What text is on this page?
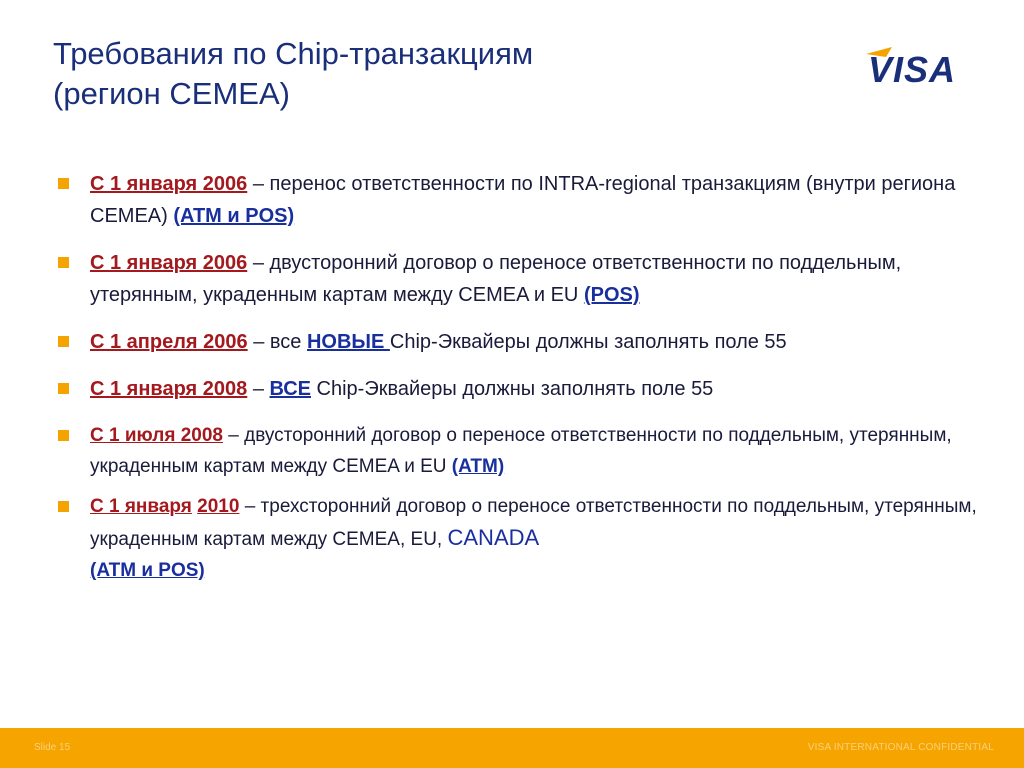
Требования по Chip-транзакциям
(регион CEMEA)
VISA
С 1 января 2006 – перенос ответственности по INTRA-regional транзакциям (внутри региона CEMEA) (ATM и POS)
С 1 января 2006 – двусторонний договор о переносе ответственности по поддельным, утерянным, украденным картам между CEMEA и EU (POS)
С 1 апреля 2006 – все НОВЫЕ Chip-Эквайеры должны заполнять поле 55
С 1 января 2008 – ВСЕ Chip-Эквайеры должны заполнять поле 55
С 1 июля 2008 – двусторонний договор о переносе ответственности по поддельным, утерянным, украденным картам между CEMEA и EU (ATM)
С 1 января 2010 – трехсторонний договор о переносе ответственности по поддельным, утерянным, украденным картам между CEMEA, EU, CANADA
(ATM и POS)
Slide 15	VISA INTERNATIONAL CONFIDENTIAL
